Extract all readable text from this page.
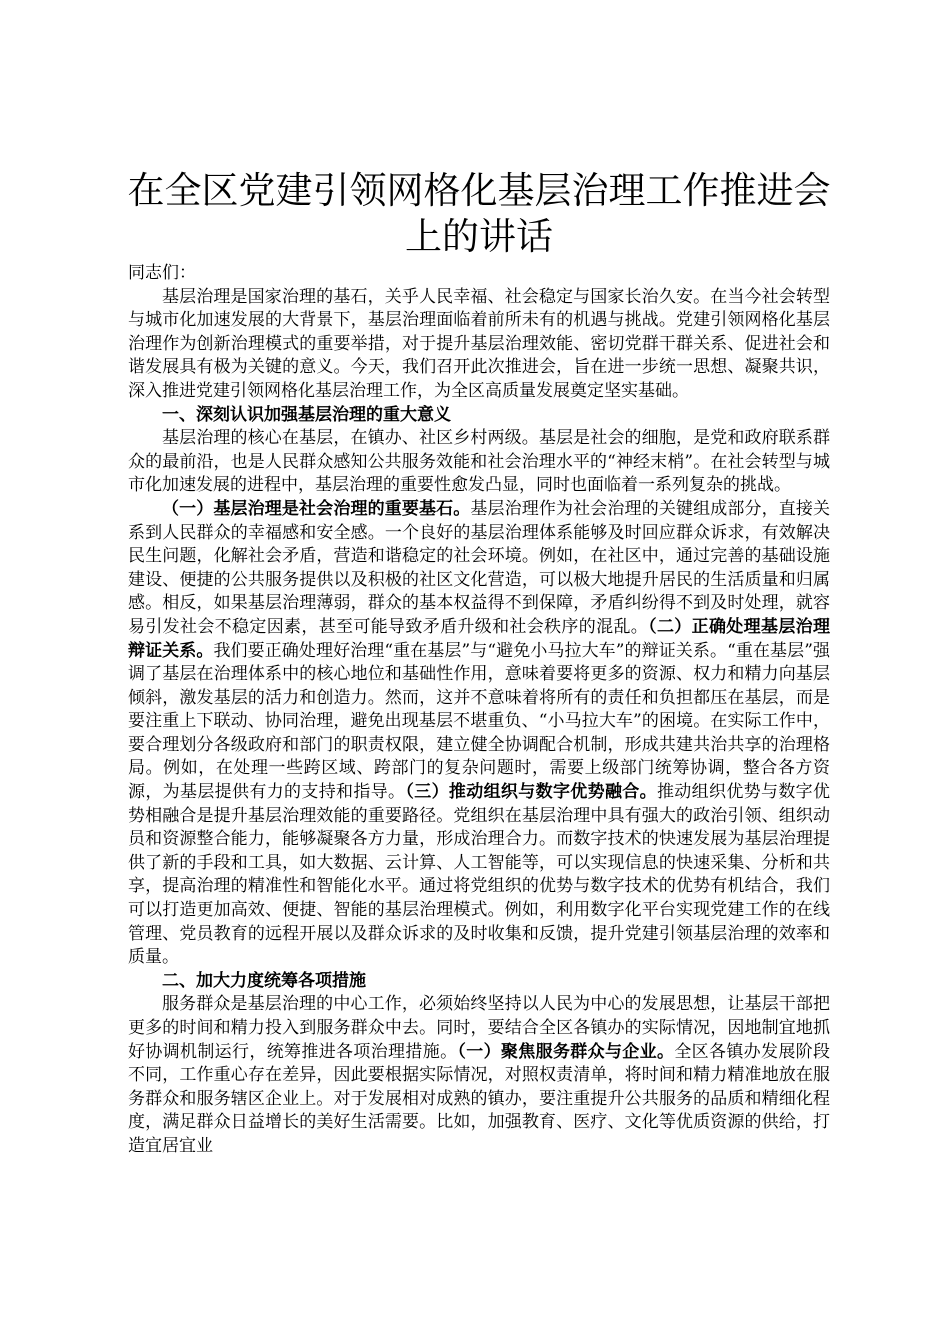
在全区党建引领网格化基层治理工作推进会上的讲话

同志们：

基层治理是国家治理的基石，关乎人民幸福、社会稳定与国家长治久安。在当今社会转型与城市化加速发展的大背景下，基层治理面临着前所未有的机遇与挑战。党建引领网格化基层治理作为创新治理模式的重要举措，对于提升基层治理效能、密切党群干群关系、促进社会和谐发展具有极为关键的意义。今天，我们召开此次推进会，旨在进一步统一思想、凝聚共识，深入推进党建引领网格化基层治理工作，为全区高质量发展奠定坚实基础。

一、深刻认识加强基层治理的重大意义

基层治理的核心在基层，在镇办、社区乡村两级。基层是社会的细胞，是党和政府联系群众的最前沿，也是人民群众感知公共服务效能和社会治理水平的“神经末梢”。在社会转型与城市化加速发展的进程中，基层治理的重要性愈发凸显，同时也面临着一系列复杂的挑战。

（一）基层治理是社会治理的重要基石。基层治理作为社会治理的关键组成部分，直接关系到人民群众的幸福感和安全感。一个良好的基层治理体系能够及时回应群众诉求，有效解决民生问题，化解社会矛盾，营造和谐稳定的社会环境。例如，在社区中，通过完善的基础设施建设、便捷的公共服务提供以及积极的社区文化营造，可以极大地提升居民的生活质量和归属感。相反，如果基层治理薄弱，群众的基本权益得不到保障，矛盾纠纷得不到及时处理，就容易引发社会不稳定因素，甚至可能导致矛盾升级和社会秩序的混乱。（二）正确处理基层治理辩证关系。我们要正确处理好治理“重在基层”与“避免小马拉大车”的辩证关系。“重在基层”强调了基层在治理体系中的核心地位和基础性作用，意味着要将更多的资源、权力和精力向基层倾斜，激发基层的活力和创造力。然而，这并不意味着将所有的责任和负担都压在基层，而是要注重上下联动、协同治理，避免出现基层不堪重负、“小马拉大车”的困境。在实际工作中，要合理划分各级政府和部门的职责权限，建立健全协调配合机制，形成共建共治共享的治理格局。例如，在处理一些跨区域、跨部门的复杂问题时，需要上级部门统筹协调，整合各方资源，为基层提供有力的支持和指导。（三）推动组织与数字优势融合。推动组织优势与数字优势相融合是提升基层治理效能的重要路径。党组织在基层治理中具有强大的政治引领、组织动员和资源整合能力，能够凝聚各方力量，形成治理合力。而数字技术的快速发展为基层治理提供了新的手段和工具，如大数据、云计算、人工智能等，可以实现信息的快速采集、分析和共享，提高治理的精准性和智能化水平。通过将党组织的优势与数字技术的优势有机结合，我们可以打造更加高效、便捷、智能的基层治理模式。例如，利用数字化平台实现党建工作的在线管理、党员教育的远程开展以及群众诉求的及时收集和反馈，提升党建引领基层治理的效率和质量。

二、加大力度统筹各项措施

服务群众是基层治理的中心工作，必须始终坚持以人民为中心的发展思想，让基层干部把更多的时间和精力投入到服务群众中去。同时，要结合全区各镇办的实际情况，因地制宜地抓好协调机制运行，统筹推进各项治理措施。（一）聚焦服务群众与企业。全区各镇办发展阶段不同，工作重心存在差异，因此要根据实际情况，对照权责清单，将时间和精力精准地放在服务群众和服务辖区企业上。对于发展相对成熟的镇办，要注重提升公共服务的品质和精细化程度，满足群众日益增长的美好生活需要。比如，加强教育、医疗、文化等优质资源的供给，打造宜居宜业
